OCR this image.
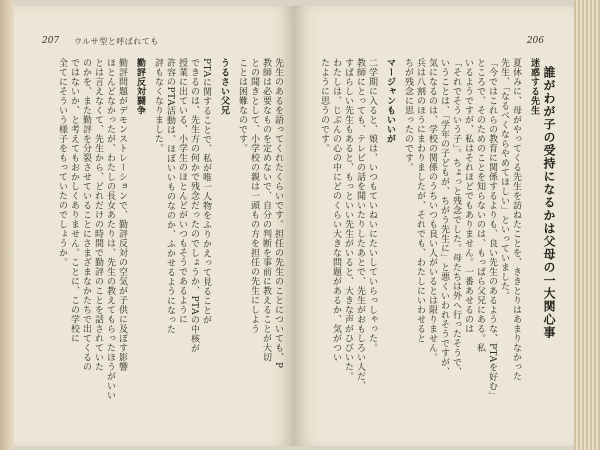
207 ウルサ型と呼ばれても
先生のあるを語ってくれたくらいです。担任の先生のことについても、P
教師は必要なものを定めないで、自分の判断を事前に教えることが大切
との聞きとして、小学校の親は一頭もの方を担任の先生にしよう
ことは困難なのです。
うるさい父兄
PTAに関することで、私が唯一人物をふりかえって見ることが
できるのは、先生方の何かで残念だったのでしょうか、PTAの中核が
授業に出ている、小学生のほとんどがいつもそうであるように
許容のPTA活動は、ほぼいいものなのか、ふかせるようになった
評もなくなりました。
勤評反対闘争
勤評問題がデモンストレーションで、勤評反対の空気が子供に及ぼす影響
ほとんどなかったが、わたしの長女あたりは、先生の教えてもらったほうがいい
とは言えなくて、先生から、どれだけの時間で勤評のことを話されていた
のかを、また勤評を分裂させていることにさまざまなかたちで出てくるの
ではないか、と考えてもおかしくありません。ことに、この学校に
全てにそういう様子をもっていたのでしょうか。
206
誰がわが子の受持になるかは父母の一大関心事
迷惑する先生
夏休みに、母がやってくる先生を訪ねたことを、ききとりはあまりなかった
先生、「なるべくならやめてほしい」といっていました。
「今ではこれらの教育に関係するよりも、良い先生のあるような、PTAを好む」
ところで、そのためのことを知らないのは、もっぱら父兄にある。私
いるようですが、私はそれほどでもありません。一番あせるのは
「それでそういう子」。ちょっと残念でした。母たちは外へ行ったそうで、
いうことは、「学年の子どもが、ちがう先生に」と悪くいわれそうですが、
気になるのは、学校の関係のうちいつも良い人がいるとは限りません。
兵は八割のほうにまわりましたが、それでも、わたしにいわせると
ちが残念に思ったのです。
マージャンもいいが
二学期に入ると、娘は、いつもていねいにたいしていらっしゃった。
教師にとっても、テレビの話を聞いたりしたあとで、先生がおもしろい人だ、
すばらしい先生もあると、もっといい先生がいると、大きな声がひびいた。
わたしは、じぶんの心の中にどのくらい大きな問題があるか、気がつい
たように思うのです。
